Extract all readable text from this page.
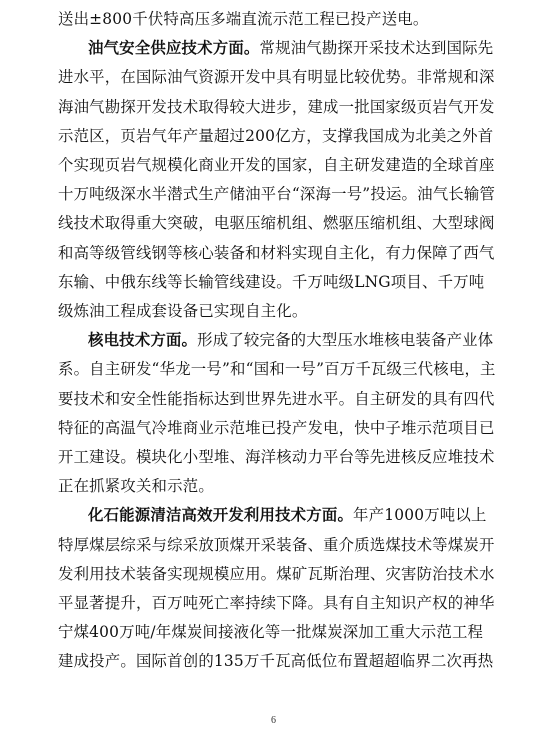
送出±800千伏特高压多端直流示范工程已投产送电。
油气安全供应技术方面。常规油气勘探开采技术达到国际先
进水平，在国际油气资源开发中具有明显比较优势。非常规和深
海油气勘探开发技术取得较大进步，建成一批国家级页岩气开发
示范区，页岩气年产量超过200亿方，支撑我国成为北美之外首
个实现页岩气规模化商业开发的国家，自主研发建造的全球首座
十万吨级深水半潜式生产储油平台“深海一号”投运。油气长输管
线技术取得重大突破，电驱压缩机组、燃驱压缩机组、大型球阀
和高等级管线钢等核心装备和材料实现自主化，有力保障了西气
东输、中俄东线等长输管线建设。千万吨级LNG项目、千万吨
级炼油工程成套设备已实现自主化。
核电技术方面。形成了较完备的大型压水堆核电装备产业体
系。自主研发“华龙一号”和“国和一号”百万千瓦级三代核电，主
要技术和安全性能指标达到世界先进水平。自主研发的具有四代
特征的高温气冷堆商业示范堆已投产发电，快中子堆示范项目已
开工建设。模块化小型堆、海洋核动力平台等先进核反应堆技术
正在抓紧攻关和示范。
化石能源清洁高效开发利用技术方面。年产1000万吨以上
特厚煤层综采与综采放顶煤开采装备、重介质选煤技术等煤炭开
发利用技术装备实现规模应用。煤矿瓦斯治理、灾害防治技术水
平显著提升，百万吨死亡率持续下降。具有自主知识产权的神华
宁煤400万吨/年煤炭间接液化等一批煤炭深加工重大示范工程
建成投产。国际首创的135万千瓦高低位布置超超临界二次再热
6
